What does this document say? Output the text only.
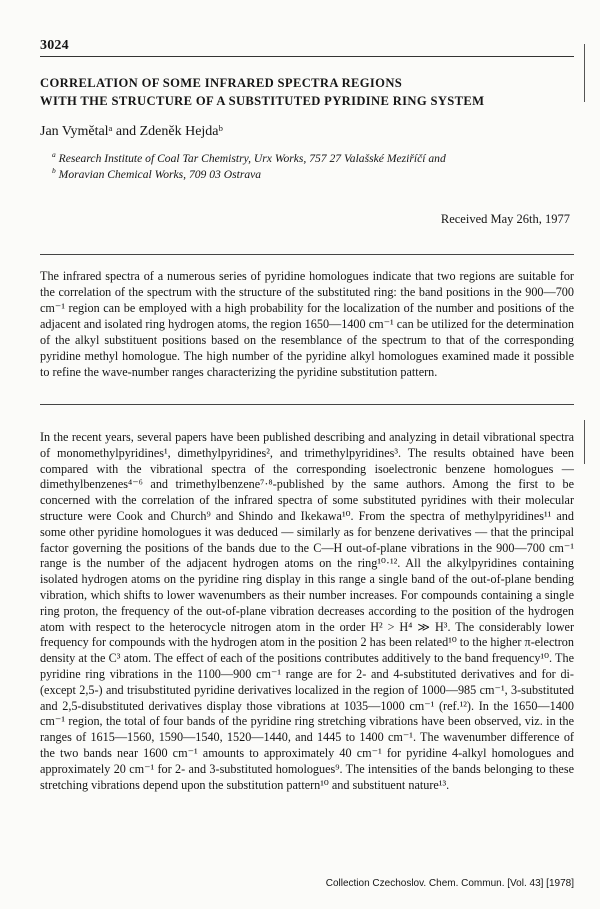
3024
CORRELATION OF SOME INFRARED SPECTRA REGIONS
WITH THE STRUCTURE OF A SUBSTITUTED PYRIDINE RING SYSTEM
Jan Vymětalᵃ and Zdeněk Hejdaᵇ
$^a$ Research Institute of Coal Tar Chemistry, Urx Works, 757 27 Valašské Meziříčí and
$^b$ Moravian Chemical Works, 709 03 Ostrava
Received May 26th, 1977
The infrared spectra of a numerous series of pyridine homologues indicate that two regions are suitable for the correlation of the spectrum with the structure of the substituted ring: the band positions in the 900—700 cm⁻¹ region can be employed with a high probability for the localization of the number and positions of the adjacent and isolated ring hydrogen atoms, the region 1650—1400 cm⁻¹ can be utilized for the determination of the alkyl substituent positions based on the resemblance of the spectrum to that of the corresponding pyridine methyl homologue. The high number of the pyridine alkyl homologues examined made it possible to refine the wave-number ranges characterizing the pyridine substitution pattern.
In the recent years, several papers have been published describing and analyzing in detail vibrational spectra of monomethylpyridines¹, dimethylpyridines², and trimethylpyridines³. The results obtained have been compared with the vibrational spectra of the corresponding isoelectronic benzene homologues — dimethylbenzenes⁴⁻⁶ and trimethylbenzene⁷·⁸-published by the same authors. Among the first to be concerned with the correlation of the infrared spectra of some substituted pyridines with their molecular structure were Cook and Church⁹ and Shindo and Ikekawa¹⁰. From the spectra of methylpyridines¹¹ and some other pyridine homologues it was deduced — similarly as for benzene derivatives — that the principal factor governing the positions of the bands due to the C—H out-of-plane vibrations in the 900—700 cm⁻¹ range is the number of the adjacent hydrogen atoms on the ring¹⁰·¹². All the alkylpyridines containing isolated hydrogen atoms on the pyridine ring display in this range a single band of the out-of-plane bending vibration, which shifts to lower wavenumbers as their number increases. For compounds containing a single ring proton, the frequency of the out-of-plane vibration decreases according to the position of the hydrogen atom with respect to the heterocycle nitrogen atom in the order H² > H⁴ ≫ H³. The considerably lower frequency for compounds with the hydrogen atom in the position 2 has been related¹⁰ to the higher π-electron density at the C³ atom. The effect of each of the positions contributes additively to the band frequency¹⁰. The pyridine ring vibrations in the 1100—900 cm⁻¹ range are for 2- and 4-substituted derivatives and for di- (except 2,5-) and trisubstituted pyridine derivatives localized in the region of 1000—985 cm⁻¹, 3-substituted and 2,5-disubstituted derivatives display those vibrations at 1035—1000 cm⁻¹ (ref.¹²). In the 1650—1400 cm⁻¹ region, the total of four bands of the pyridine ring stretching vibrations have been observed, viz. in the ranges of 1615—1560, 1590—1540, 1520—1440, and 1445 to 1400 cm⁻¹. The wavenumber difference of the two bands near 1600 cm⁻¹ amounts to approximately 40 cm⁻¹ for pyridine 4-alkyl homologues and approximately 20 cm⁻¹ for 2- and 3-substituted homologues⁹. The intensities of the bands belonging to these stretching vibrations depend upon the substitution pattern¹⁰ and substituent nature¹³.
Collection Czechoslov. Chem. Commun. [Vol. 43] [1978]
